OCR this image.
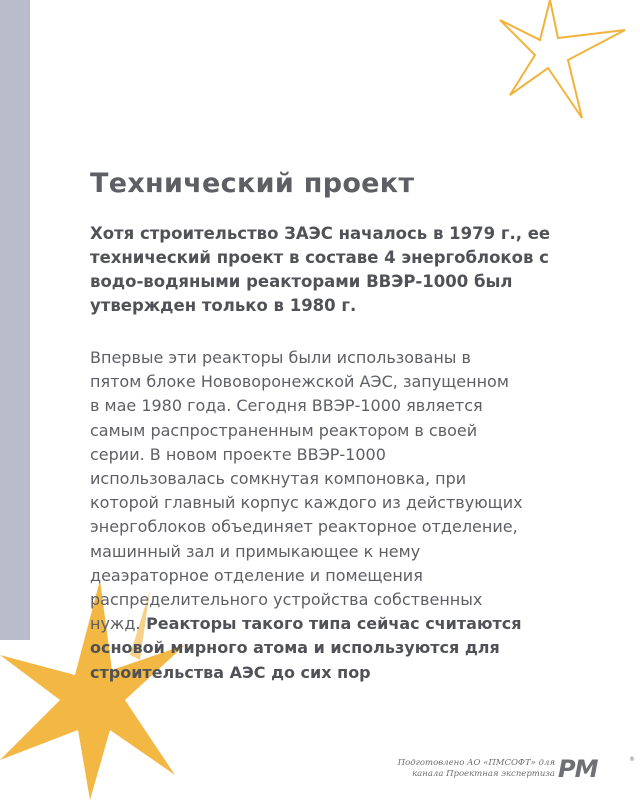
Технический проект
Хотя строительство ЗАЭС началось в 1979 г., ее
технический проект в составе 4 энергоблоков с
водо-водяными реакторами ВВЭР-1000 был
утвержден только в 1980 г.
Впервые эти реакторы были использованы в
пятом блоке Нововоронежской АЭС, запущенном
в мае 1980 года. Сегодня ВВЭР-1000 является
самым распространенным реактором в своей
серии. В новом проекте ВВЭР-1000
использовалась сомкнутая компоновка, при
которой главный корпус каждого из действующих
энергоблоков объединяет реакторное отделение,
машинный зал и примыкающее к нему
деаэраторное отделение и помещения
распределительного устройства собственных
нужд. Реакторы такого типа сейчас считаются
основой мирного атома и используются для
строительства АЭС до сих пор
Подготовлено АО «ПМСОФТ» для
канала Проектная экспертиза PM	®
